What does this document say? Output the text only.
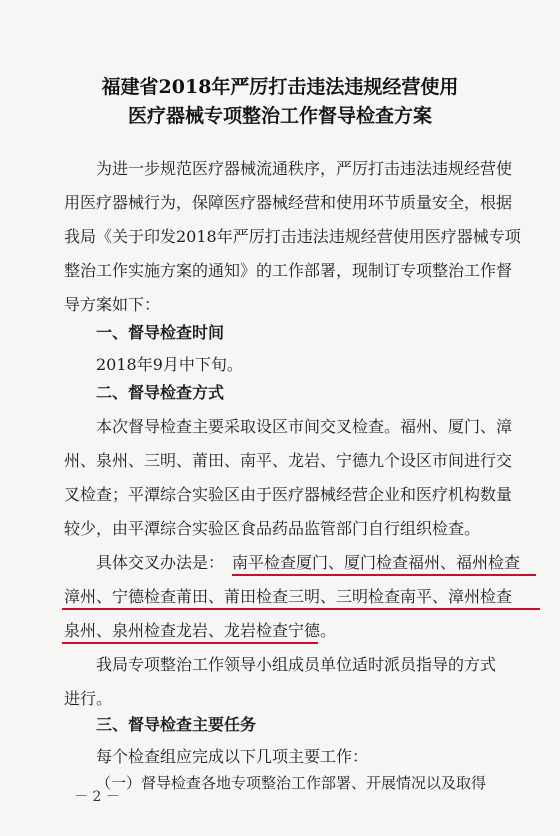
福建省2018年严厉打击违法违规经营使用
医疗器械专项整治工作督导检查方案
为进一步规范医疗器械流通秩序，严厉打击违法违规经营使
用医疗器械行为，保障医疗器械经营和使用环节质量安全，根据
我局《关于印发2018年严厉打击违法违规经营使用医疗器械专项
整治工作实施方案的通知》的工作部署，现制订专项整治工作督
导方案如下：
一、督导检查时间
2018年9月中下旬。
二、督导检查方式
本次督导检查主要采取设区市间交叉检查。福州、厦门、漳
州、泉州、三明、莆田、南平、龙岩、宁德九个设区市间进行交
叉检查；平潭综合实验区由于医疗器械经营企业和医疗机构数量
较少，由平潭综合实验区食品药品监管部门自行组织检查。
具体交叉办法是： 南平检查厦门、厦门检查福州、福州检查
漳州、宁德检查莆田、莆田检查三明、三明检查南平、漳州检查
泉州、泉州检查龙岩、龙岩检查宁德。
我局专项整治工作领导小组成员单位适时派员指导的方式
进行。
三、督导检查主要任务
每个检查组应完成以下几项主要工作：
（一）督导检查各地专项整治工作部署、开展情况以及取得
－ 2 －
